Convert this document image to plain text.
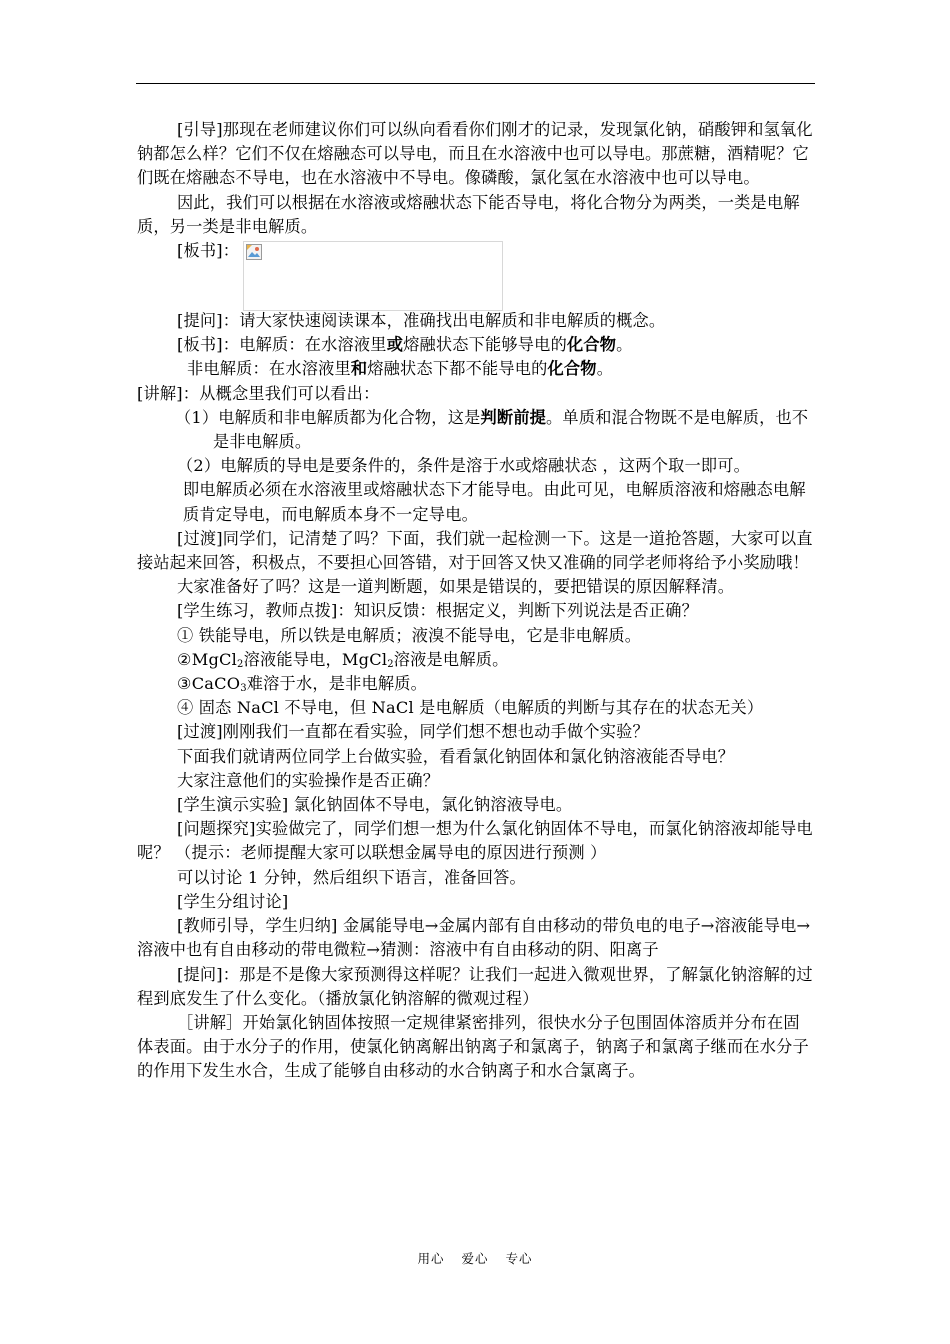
[引导]那现在老师建议你们可以纵向看看你们刚才的记录，发现氯化钠，硝酸钾和氢氧化钠都怎么样？它们不仅在熔融态可以导电，而且在水溶液中也可以导电。那蔗糖，酒精呢？它们既在熔融态不导电，也在水溶液中不导电。像磷酸，氯化氢在水溶液中也可以导电。

因此，我们可以根据在水溶液或熔融状态下能否导电，将化合物分为两类，一类是电解质，另一类是非电解质。

[板书]：

[提问]：请大家快速阅读课本，准确找出电解质和非电解质的概念。

[板书]：电解质：在水溶液里或熔融状态下能够导电的化合物。

非电解质：在水溶液里和熔融状态下都不能导电的化合物。

[讲解]：从概念里我们可以看出：

（1）电解质和非电解质都为化合物，这是判断前提。单质和混合物既不是电解质，也不是非电解质。

（2）电解质的导电是要条件的，条件是溶于水或熔融状态 ，这两个取一即可。

即电解质必须在水溶液里或熔融状态下才能导电。由此可见，电解质溶液和熔融态电解质肯定导电，而电解质本身不一定导电。

[过渡]同学们，记清楚了吗？下面，我们就一起检测一下。这是一道抢答题，大家可以直接站起来回答，积极点，不要担心回答错，对于回答又快又准确的同学老师将给予小奖励哦！

大家准备好了吗？这是一道判断题，如果是错误的，要把错误的原因解释清。

[学生练习，教师点拨]：知识反馈：根据定义，判断下列说法是否正确？

① 铁能导电，所以铁是电解质；液溴不能导电，它是非电解质。

②MgCl$_2$溶液能导电，MgCl$_2$溶液是电解质。

③CaCO$_3$难溶于水，是非电解质。

④ 固态 NaCl 不导电，但 NaCl 是电解质（电解质的判断与其存在的状态无关）

[过渡]刚刚我们一直都在看实验，同学们想不想也动手做个实验？

下面我们就请两位同学上台做实验，看看氯化钠固体和氯化钠溶液能否导电？

大家注意他们的实验操作是否正确？

[学生演示实验] 氯化钠固体不导电，氯化钠溶液导电。

[问题探究]实验做完了，同学们想一想为什么氯化钠固体不导电，而氯化钠溶液却能导电呢？ （提示：老师提醒大家可以联想金属导电的原因进行预测 ）

可以讨论 1 分钟，然后组织下语言，准备回答。

[学生分组讨论]

[教师引导，学生归纳] 金属能导电→金属内部有自由移动的带负电的电子→溶液能导电→溶液中也有自由移动的带电微粒→猜测：溶液中有自由移动的阴、阳离子

[提问]：那是不是像大家预测得这样呢？让我们一起进入微观世界，了解氯化钠溶解的过程到底发生了什么变化。（播放氯化钠溶解的微观过程）

［讲解］开始氯化钠固体按照一定规律紧密排列，很快水分子包围固体溶质并分布在固体表面。由于水分子的作用，使氯化钠离解出钠离子和氯离子，钠离子和氯离子继而在水分子的作用下发生水合，生成了能够自由移动的水合钠离子和水合氯离子。

用心 爱心 专心
